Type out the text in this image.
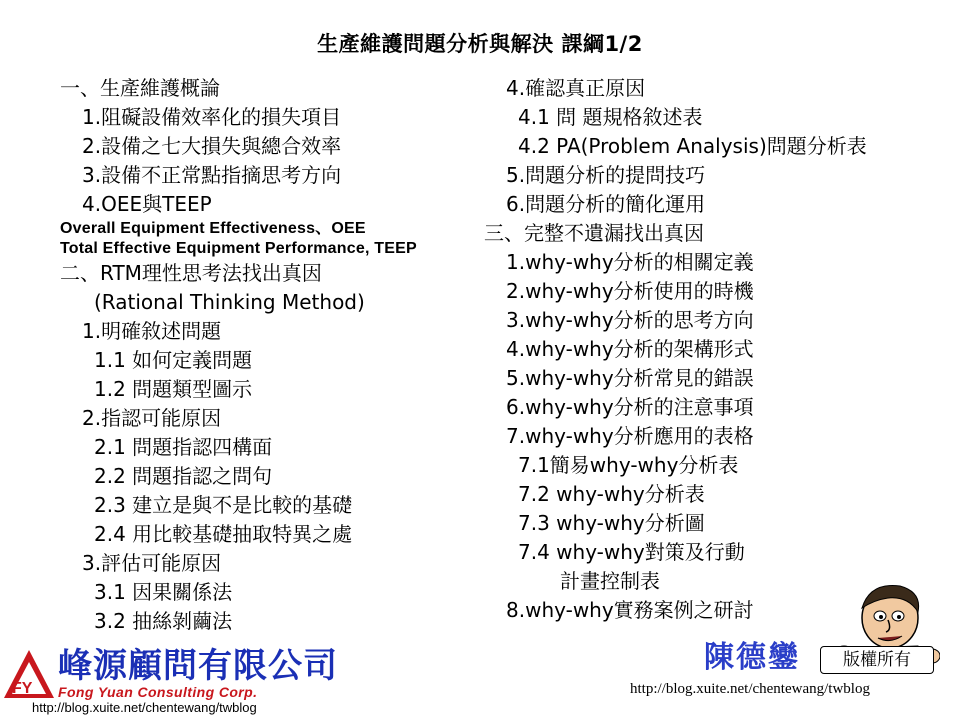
生產維護問題分析與解決 課綱1/2
一、生產維護概論
1.阻礙設備效率化的損失項目
2.設備之七大損失與總合效率
3.設備不正常點指摘思考方向
4.OEE與TEEP
Overall Equipment Effectiveness、OEE
Total Effective Equipment Performance, TEEP
二、RTM理性思考法找出真因
(Rational Thinking Method)
1.明確敘述問題
1.1 如何定義問題
1.2 問題類型圖示
2.指認可能原因
2.1 問題指認四構面
2.2 問題指認之問句
2.3 建立是與不是比較的基礎
2.4 用比較基礎抽取特異之處
3.評估可能原因
3.1 因果關係法
3.2 抽絲剝繭法
4.確認真正原因
4.1 問 題規格敘述表
4.2 PA(Problem Analysis)問題分析表
5.問題分析的提問技巧
6.問題分析的簡化運用
三、完整不遺漏找出真因
1.why-why分析的相關定義
2.why-why分析使用的時機
3.why-why分析的思考方向
4.why-why分析的架構形式
5.why-why分析常見的錯誤
6.why-why分析的注意事項
7.why-why分析應用的表格
7.1簡易why-why分析表
7.2 why-why分析表
7.3 why-why分析圖
7.4 why-why對策及行動
計畫控制表
8.why-why實務案例之研討
FY
峰源顧問有限公司
Fong Yuan Consulting Corp.
http://blog.xuite.net/chentewang/twblog
陳德鑾	版權所有
http://blog.xuite.net/chentewang/twblog
